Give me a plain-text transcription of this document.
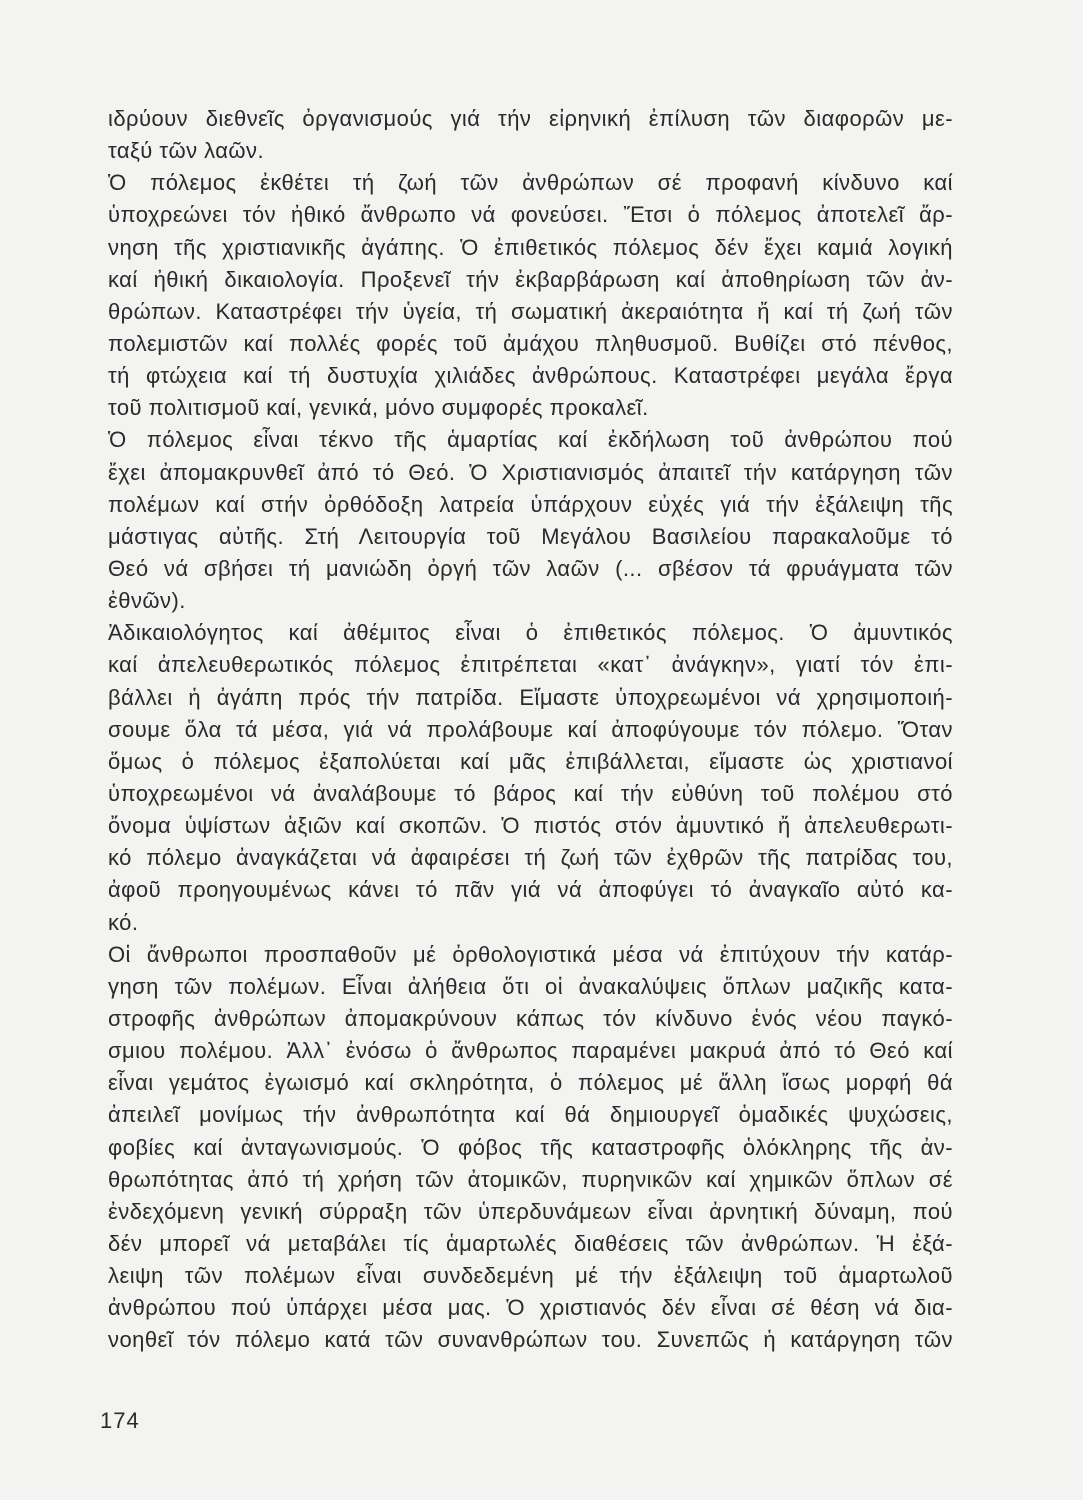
ιδρύουν διεθνεῖς ὀργανισμούς γιά τήν εἰρηνική ἐπίλυση τῶν διαφορῶν με-
ταξύ τῶν λαῶν.
Ὁ πόλεμος ἐκθέτει τή ζωή τῶν ἀνθρώπων σέ προφανή κίνδυνο καί
ὑποχρεώνει τόν ἠθικό ἄνθρωπο νά φονεύσει. Ἔτσι ὁ πόλεμος ἀποτελεῖ ἄρ-
νηση τῆς χριστιανικῆς ἀγάπης. Ὁ ἐπιθετικός πόλεμος δέν ἔχει καμιά λογική
καί ἠθική δικαιολογία. Προξενεῖ τήν ἐκβαρβάρωση καί ἀποθηρίωση τῶν ἀν-
θρώπων. Καταστρέφει τήν ὑγεία, τή σωματική ἀκεραιότητα ἤ καί τή ζωή τῶν
πολεμιστῶν καί πολλές φορές τοῦ ἀμάχου πληθυσμοῦ. Βυθίζει στό πένθος,
τή φτώχεια καί τή δυστυχία χιλιάδες ἀνθρώπους. Καταστρέφει μεγάλα ἔργα
τοῦ πολιτισμοῦ καί, γενικά, μόνο συμφορές προκαλεῖ.
Ὁ πόλεμος εἶναι τέκνο τῆς ἁμαρτίας καί ἐκδήλωση τοῦ ἀνθρώπου πού
ἔχει ἀπομακρυνθεῖ ἀπό τό Θεό. Ὁ Χριστιανισμός ἀπαιτεῖ τήν κατάργηση τῶν
πολέμων καί στήν ὀρθόδοξη λατρεία ὑπάρχουν εὐχές γιά τήν ἐξάλειψη τῆς
μάστιγας αὐτῆς. Στή Λειτουργία τοῦ Μεγάλου Βασιλείου παρακαλοῦμε τό
Θεό νά σβήσει τή μανιώδη ὀργή τῶν λαῶν (... σβέσον τά φρυάγματα τῶν
ἐθνῶν).
Ἀδικαιολόγητος καί ἀθέμιτος εἶναι ὁ ἐπιθετικός πόλεμος. Ὁ ἀμυντικός
καί ἀπελευθερωτικός πόλεμος ἐπιτρέπεται «κατ᾽ ἀνάγκην», γιατί τόν ἐπι-
βάλλει ἡ ἀγάπη πρός τήν πατρίδα. Εἴμαστε ὑποχρεωμένοι νά χρησιμοποιή-
σουμε ὅλα τά μέσα, γιά νά προλάβουμε καί ἀποφύγουμε τόν πόλεμο. Ὅταν
ὅμως ὁ πόλεμος ἐξαπολύεται καί μᾶς ἐπιβάλλεται, εἴμαστε ὡς χριστιανοί
ὑποχρεωμένοι νά ἀναλάβουμε τό βάρος καί τήν εὐθύνη τοῦ πολέμου στό
ὄνομα ὑψίστων ἀξιῶν καί σκοπῶν. Ὁ πιστός στόν ἀμυντικό ἤ ἀπελευθερωτι-
κό πόλεμο ἀναγκάζεται νά ἀφαιρέσει τή ζωή τῶν ἐχθρῶν τῆς πατρίδας του,
ἀφοῦ προηγουμένως κάνει τό πᾶν γιά νά ἀποφύγει τό ἀναγκαῖο αὐτό κα-
κό.
Οἱ ἄνθρωποι προσπαθοῦν μέ ὀρθολογιστικά μέσα νά ἐπιτύχουν τήν κατάρ-
γηση τῶν πολέμων. Εἶναι ἀλήθεια ὅτι οἱ ἀνακαλύψεις ὅπλων μαζικῆς κατα-
στροφῆς ἀνθρώπων ἀπομακρύνουν κάπως τόν κίνδυνο ἑνός νέου παγκό-
σμιου πολέμου. Ἀλλ᾽ ἐνόσω ὁ ἄνθρωπος παραμένει μακρυά ἀπό τό Θεό καί
εἶναι γεμάτος ἐγωισμό καί σκληρότητα, ὁ πόλεμος μέ ἄλλη ἴσως μορφή θά
ἀπειλεῖ μονίμως τήν ἀνθρωπότητα καί θά δημιουργεῖ ὁμαδικές ψυχώσεις,
φοβίες καί ἀνταγωνισμούς. Ὁ φόβος τῆς καταστροφῆς ὁλόκληρης τῆς ἀν-
θρωπότητας ἀπό τή χρήση τῶν ἀτομικῶν, πυρηνικῶν καί χημικῶν ὅπλων σέ
ἐνδεχόμενη γενική σύρραξη τῶν ὑπερδυνάμεων εἶναι ἀρνητική δύναμη, πού
δέν μπορεῖ νά μεταβάλει τίς ἁμαρτωλές διαθέσεις τῶν ἀνθρώπων. Ἡ ἐξά-
λειψη τῶν πολέμων εἶναι συνδεδεμένη μέ τήν ἐξάλειψη τοῦ ἁμαρτωλοῦ
ἀνθρώπου πού ὑπάρχει μέσα μας. Ὁ χριστιανός δέν εἶναι σέ θέση νά δια-
νοηθεῖ τόν πόλεμο κατά τῶν συνανθρώπων του. Συνεπῶς ἡ κατάργηση τῶν
174
